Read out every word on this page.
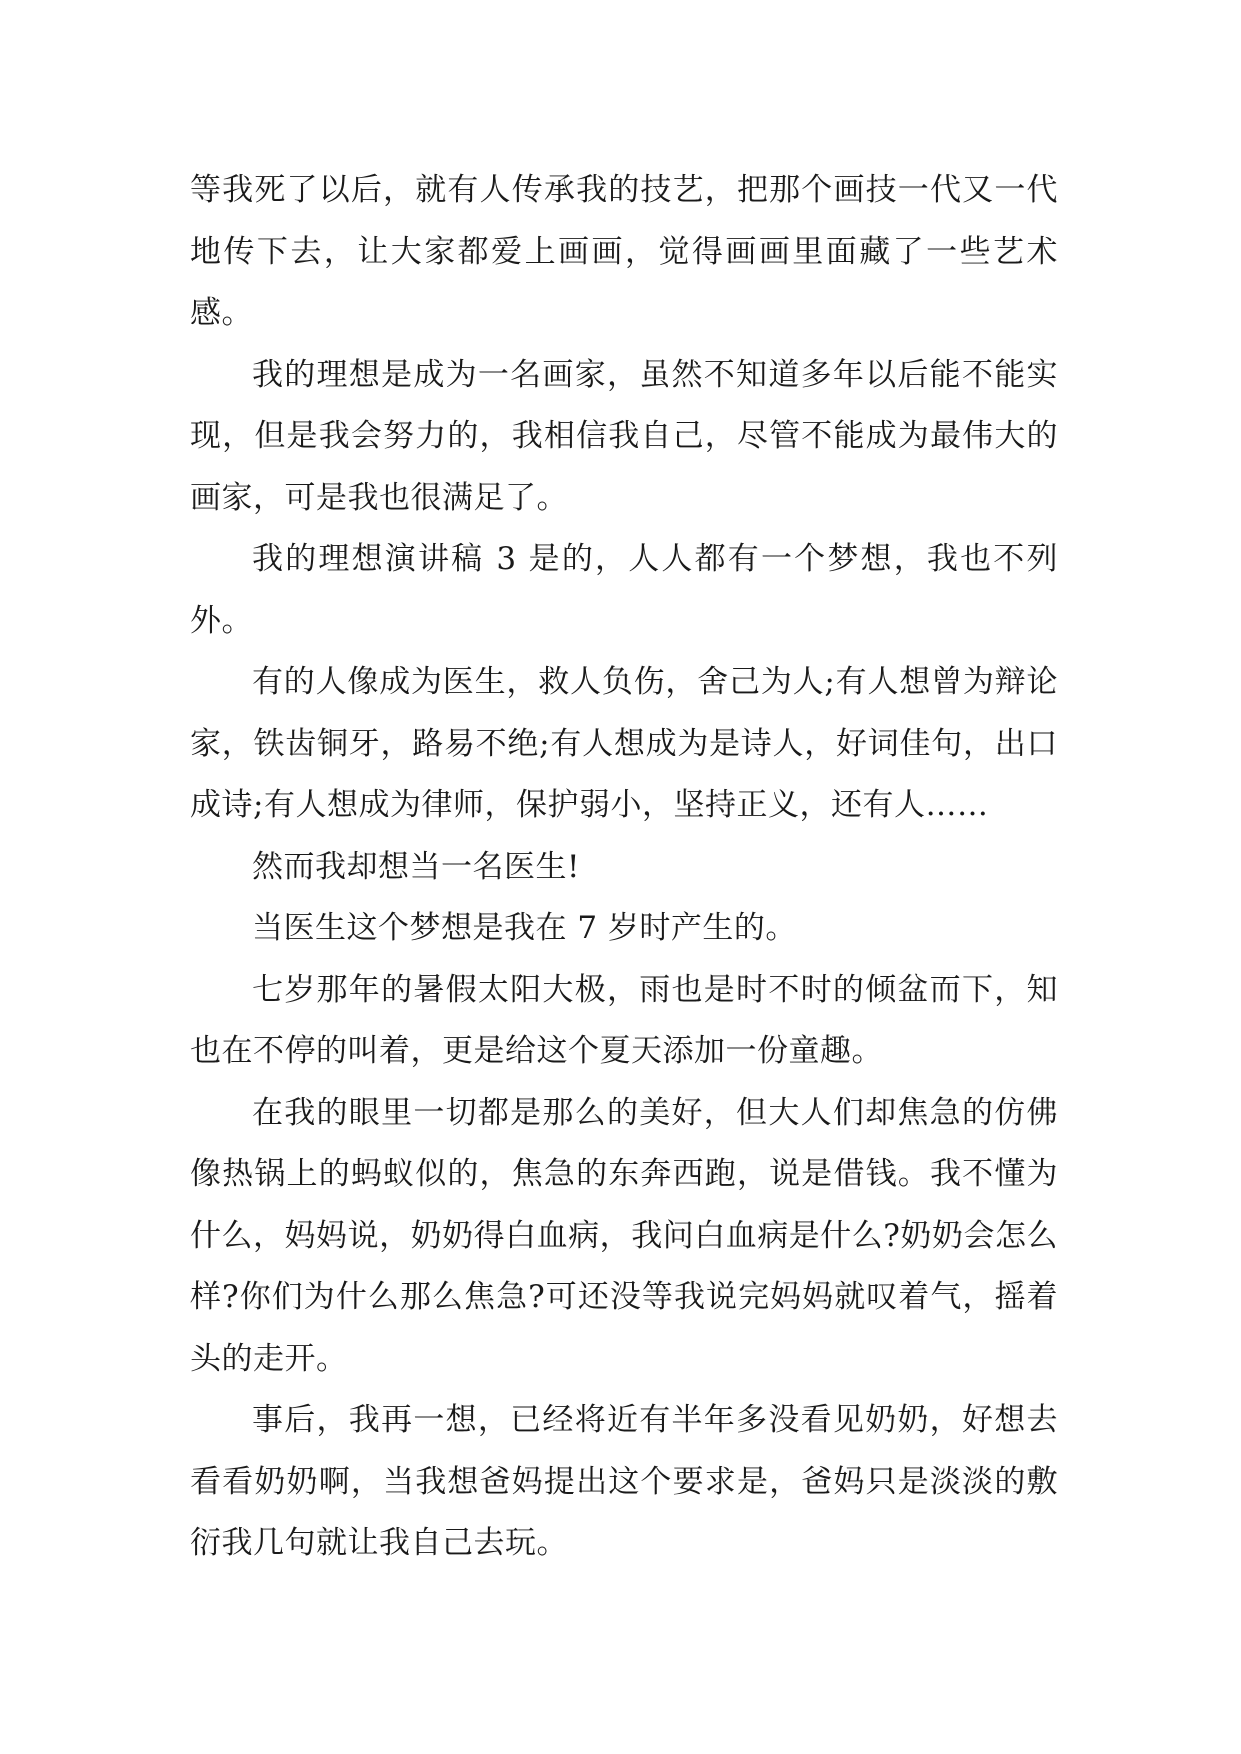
等我死了以后，就有人传承我的技艺，把那个画技一代又一代地传下去，让大家都爱上画画，觉得画画里面藏了一些艺术感。

我的理想是成为一名画家，虽然不知道多年以后能不能实现，但是我会努力的，我相信我自己，尽管不能成为最伟大的画家，可是我也很满足了。

我的理想演讲稿 3 是的，人人都有一个梦想，我也不列外。

有的人像成为医生，救人负伤，舍己为人;有人想曾为辩论家，铁齿铜牙，路易不绝;有人想成为是诗人，好词佳句，出口成诗;有人想成为律师，保护弱小，坚持正义，还有人……

然而我却想当一名医生!

当医生这个梦想是我在 7 岁时产生的。

七岁那年的暑假太阳大极，雨也是时不时的倾盆而下，知也在不停的叫着，更是给这个夏天添加一份童趣。

在我的眼里一切都是那么的美好，但大人们却焦急的仿佛像热锅上的蚂蚁似的，焦急的东奔西跑，说是借钱。我不懂为什么，妈妈说，奶奶得白血病，我问白血病是什么?奶奶会怎么样?你们为什么那么焦急?可还没等我说完妈妈就叹着气，摇着头的走开。

事后，我再一想，已经将近有半年多没看见奶奶，好想去看看奶奶啊，当我想爸妈提出这个要求是，爸妈只是淡淡的敷衍我几句就让我自己去玩。
